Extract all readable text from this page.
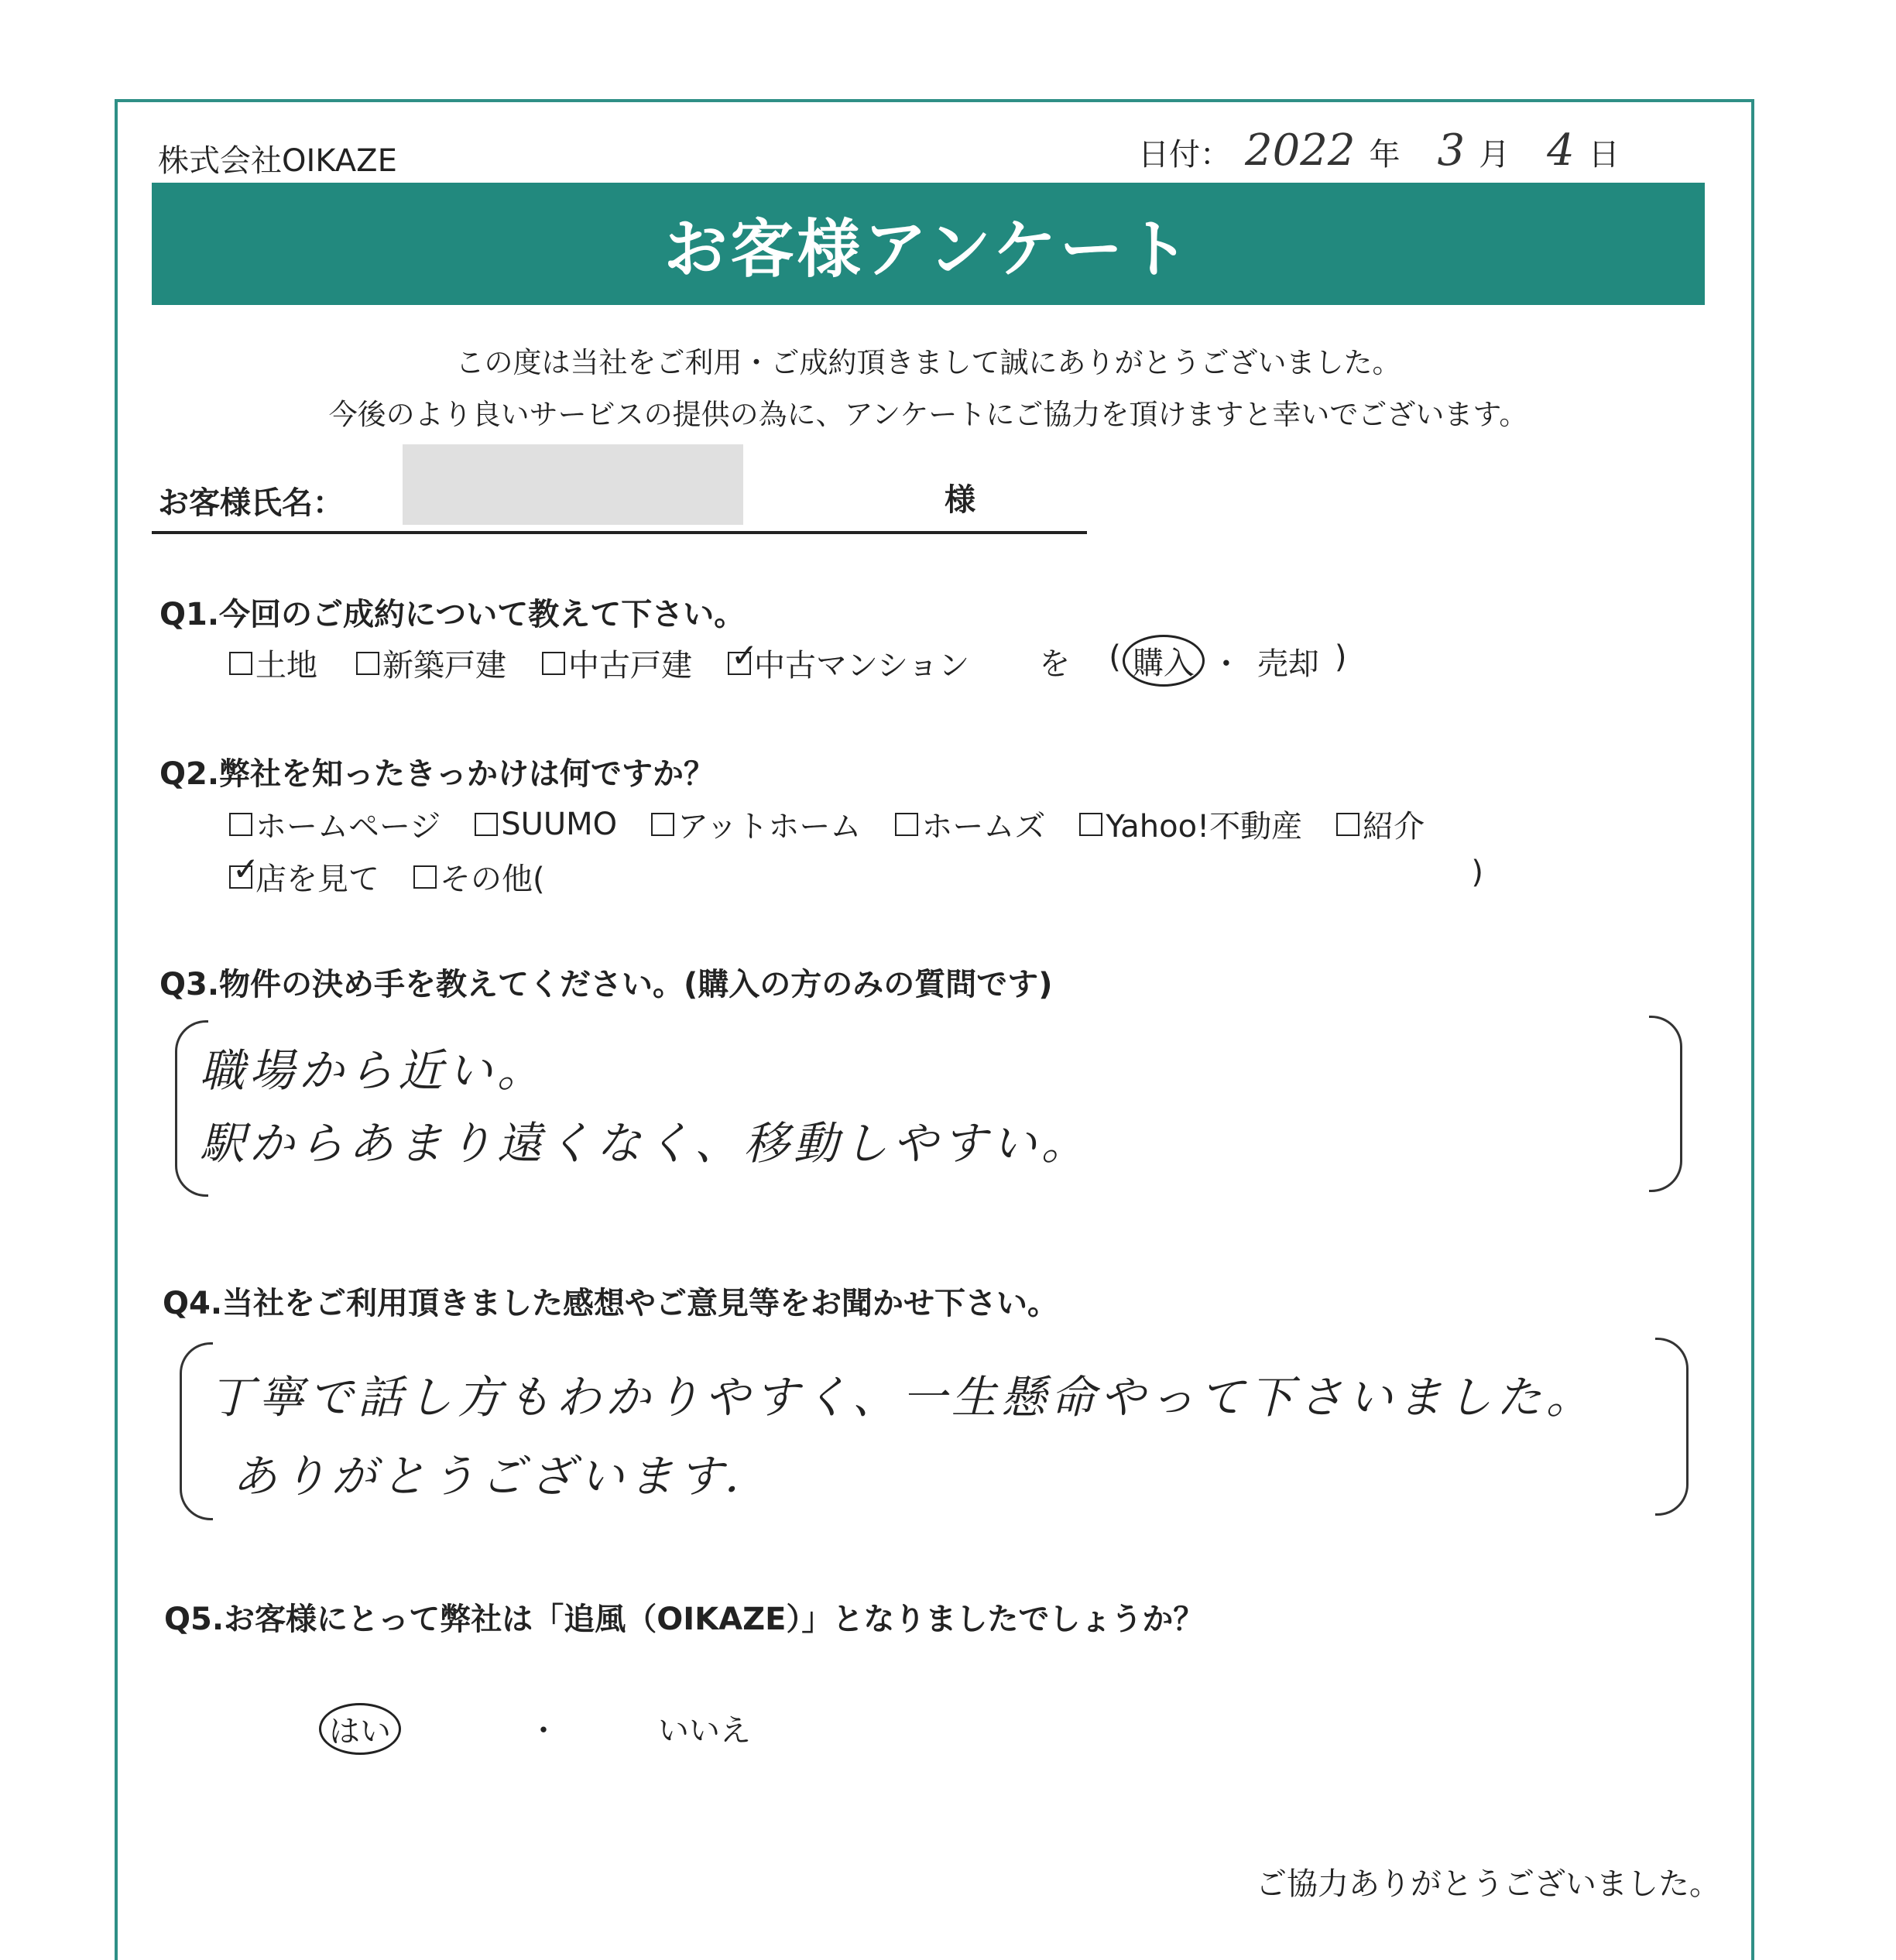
株式会社OIKAZE	日付： 2022 年 3 月 4 日
お客様アンケート
この度は当社をご利用・ご成約頂きまして誠にありがとうございました。
今後のより良いサービスの提供の為に、アンケートにご協力を頂けますと幸いでございます。
お客様氏名：	様
Q1.今回のご成約について教えて下さい。
土地 新築戸建 中古戸建
✓ 中古マンション を ( 購入 ・ 売却 )
Q2.弊社を知ったきっかけは何ですか？
ホームページ SUUMO アットホーム ホームズ Yahoo!不動産 紹介
✓
店を見て その他(	)
Q3.物件の決め手を教えてください。(購入の方のみの質問です)
職場から近い。
駅からあまり遠くなく、移動しやすい。
Q4.当社をご利用頂きました感想やご意見等をお聞かせ下さい。
丁寧で話し方もわかりやすく、一生懸命やって下さいました。
ありがとうございます．
Q5.お客様にとって弊社は「追風（OIKAZE）」となりましたでしょうか？
はい	・	いいえ
ご協力ありがとうございました。
